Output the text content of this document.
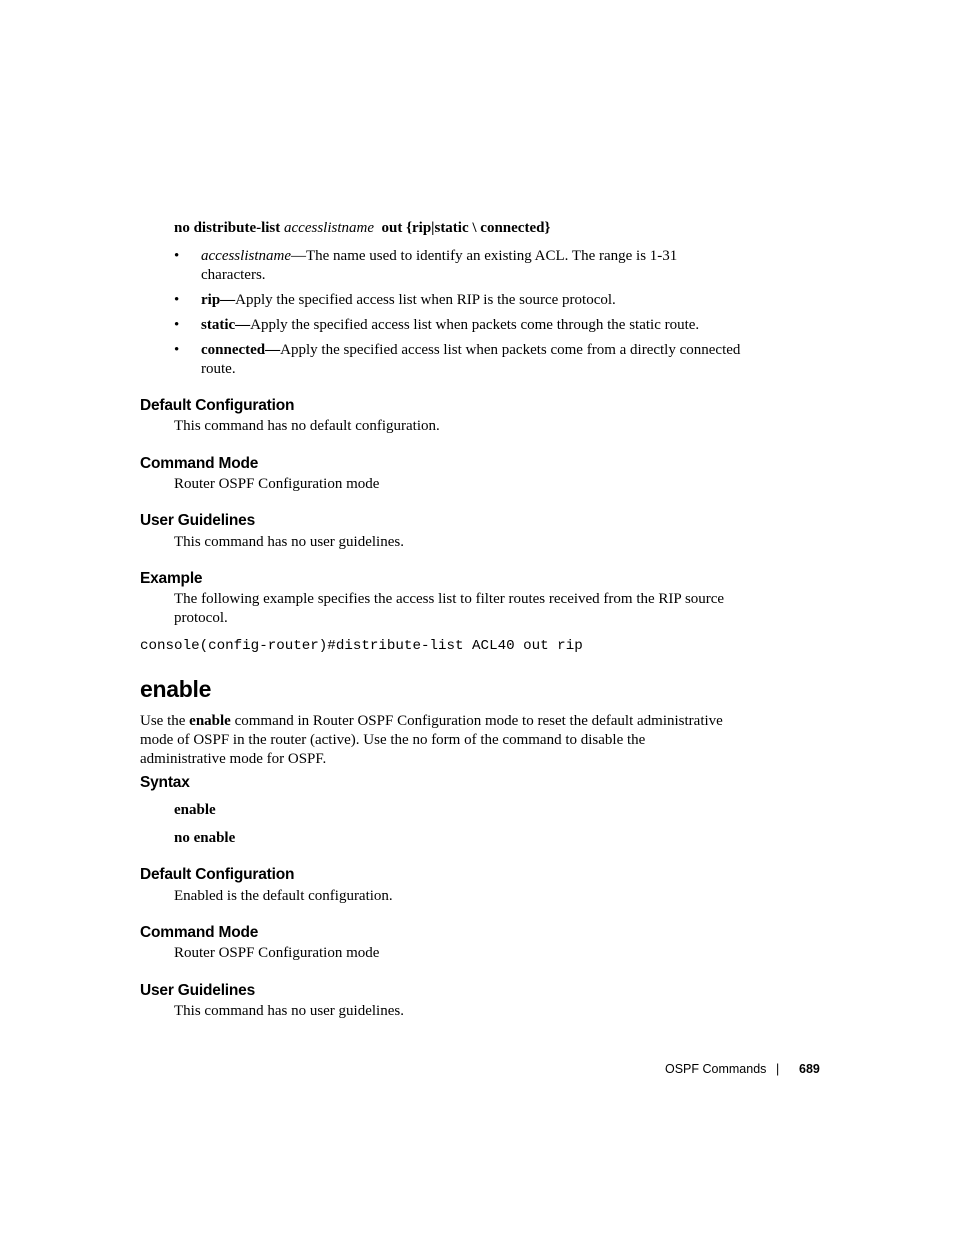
no distribute-list accesslistname out {rip|static \ connected}
• accesslistname—The name used to identify an existing ACL. The range is 1-31
characters.
• rip—Apply the specified access list when RIP is the source protocol.
• static—Apply the specified access list when packets come through the static route.
• connected—Apply the specified access list when packets come from a directly connected
route.
Default Configuration
This command has no default configuration.
Command Mode
Router OSPF Configuration mode
User Guidelines
This command has no user guidelines.
Example
The following example specifies the access list to filter routes received from the RIP source
protocol.
console(config-router)#distribute-list ACL40 out rip
enable
Use the enable command in Router OSPF Configuration mode to reset the default administrative
mode of OSPF in the router (active). Use the no form of the command to disable the
administrative mode for OSPF.
Syntax
enable
no enable
Default Configuration
Enabled is the default configuration.
Command Mode
Router OSPF Configuration mode
User Guidelines
This command has no user guidelines.
OSPF Commands | 689
